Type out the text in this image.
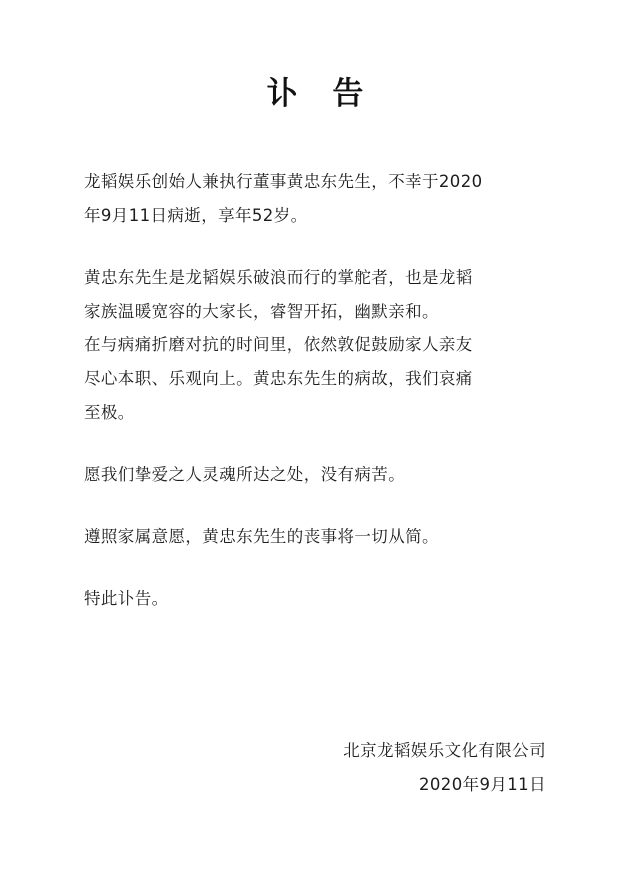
讣 告

龙韬娱乐创始人兼执行董事黄忠东先生，不幸于2020
年9月11日病逝，享年52岁。

黄忠东先生是龙韬娱乐破浪而行的掌舵者，也是龙韬
家族温暖宽容的大家长，睿智开拓，幽默亲和。

在与病痛折磨对抗的时间里，依然敦促鼓励家人亲友
尽心本职、乐观向上。黄忠东先生的病故，我们哀痛
至极。

愿我们挚爱之人灵魂所达之处，没有病苦。

遵照家属意愿，黄忠东先生的丧事将一切从简。

特此讣告。

北京龙韬娱乐文化有限公司
2020年9月11日
